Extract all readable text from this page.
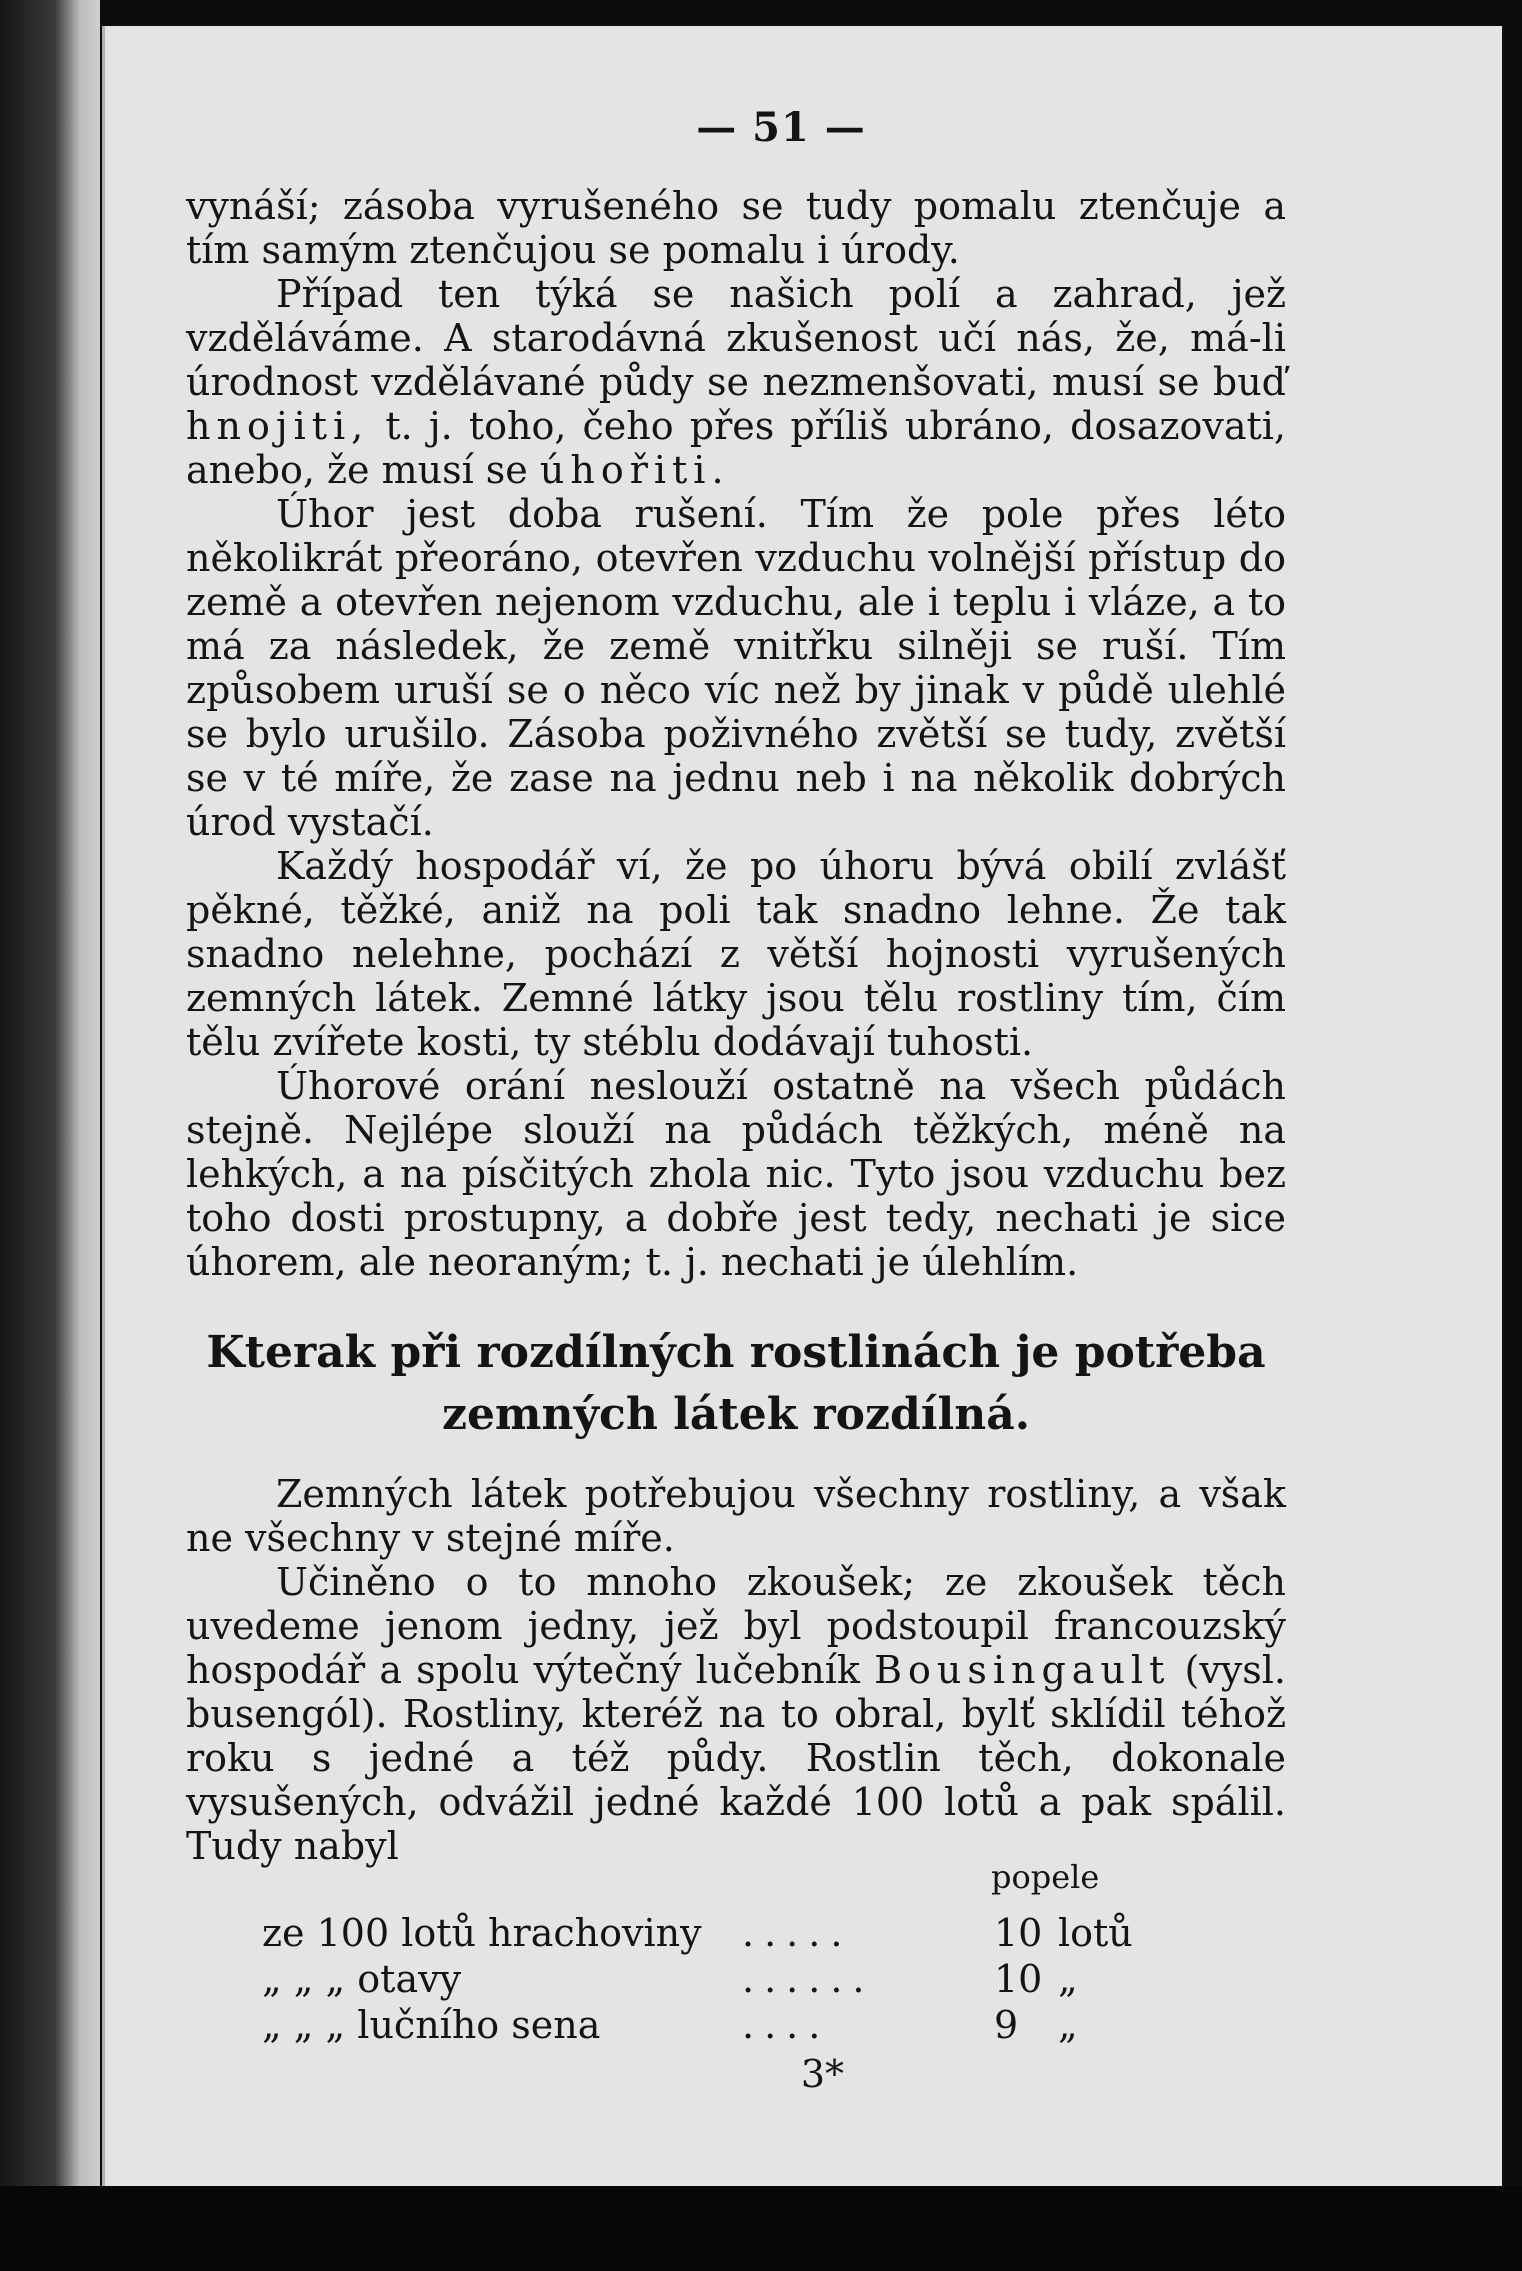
— 51 —

vynáší; zásoba vyrušeného se tudy pomalu ztenčuje a tím samým ztenčujou se pomalu i úrody.

Případ ten týká se našich polí a zahrad, jež vzděláváme. A starodávná zkušenost učí nás, že, má-li úrodnost vzdělávané půdy se nezmenšovati, musí se buď hnojiti, t. j. toho, čeho přes příliš ubráno, dosazovati, anebo, že musí se úhořiti.

Úhor jest doba rušení. Tím že pole přes léto několikrát přeoráno, otevřen vzduchu volnější přístup do země a otevřen nejenom vzduchu, ale i teplu i vláze, a to má za následek, že země vnitřku silněji se ruší. Tím způsobem uruší se o něco víc než by jinak v půdě ulehlé se bylo urušilo. Zásoba poživného zvětší se tudy, zvětší se v té míře, že zase na jednu neb i na několik dobrých úrod vystačí.

Každý hospodář ví, že po úhoru bývá obilí zvlášť pěkné, těžké, aniž na poli tak snadno lehne. Že tak snadno nelehne, pochází z větší hojnosti vyrušených zemných látek. Zemné látky jsou tělu rostliny tím, čím tělu zvířete kosti, ty stéblu dodávají tuhosti.

Úhorové orání neslouží ostatně na všech půdách stejně. Nejlépe slouží na půdách těžkých, méně na lehkých, a na písčitých zhola nic. Tyto jsou vzduchu bez toho dosti prostupny, a dobře jest tedy, nechati je sice úhorem, ale neoraným; t. j. nechati je úlehlím.

Kterak při rozdílných rostlinách je potřeba zemných látek rozdílná.

Zemných látek potřebujou všechny rostliny, a však ne všechny v stejné míře.

Učiněno o to mnoho zkoušek; ze zkoušek těch uvedeme jenom jedny, jež byl podstoupil francouzský hospodář a spolu výtečný lučebník Bousingault (vysl. busengól). Rostliny, kteréž na to obral, bylť sklídil téhož roku s jedné a též půdy. Rostlin těch, dokonale vysušených, odvážil jedné každé 100 lotů a pak spálil. Tudy nabyl

popele
ze 100 lotů hrachoviny .....	10 lotů
„ „ „ otavy	......	10 „
„ „ „ lučního sena	....	9 „
3*
